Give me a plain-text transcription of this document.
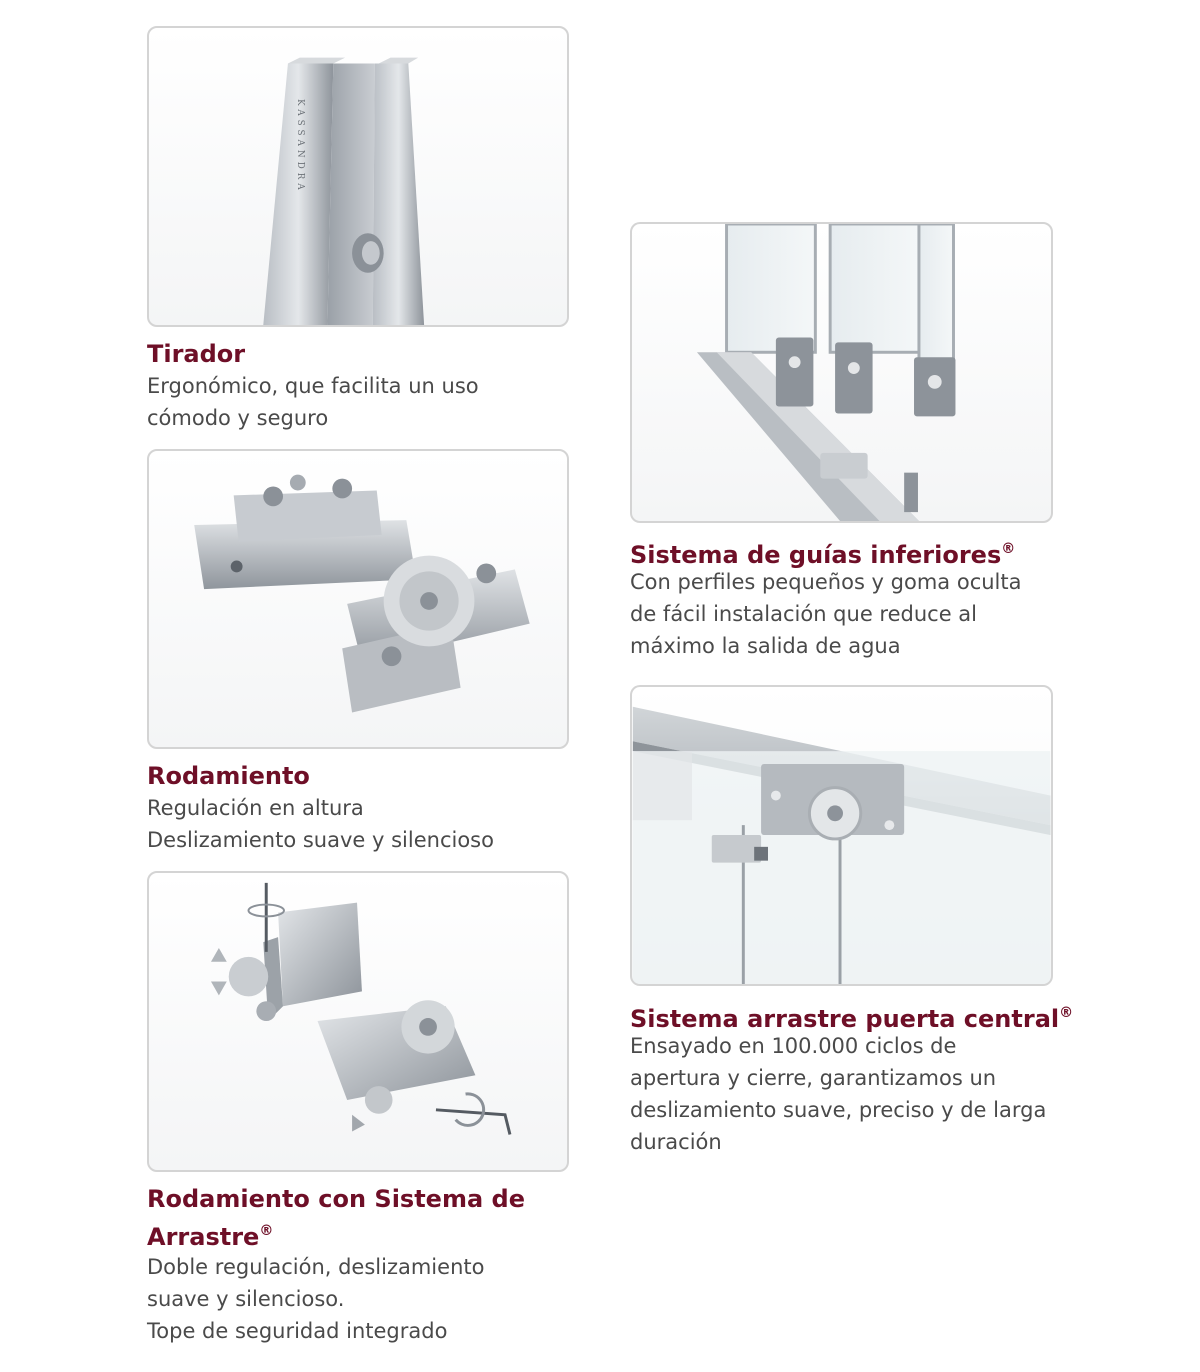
KASSANDRA
Tirador
Ergonómico, que facilita un uso
cómodo y seguro
Rodamiento
Regulación en altura
Deslizamiento suave y silencioso
Rodamiento con Sistema de
Arrastre®
Doble regulación, deslizamiento
suave y silencioso.
Tope de seguridad integrado
Sistema de guías inferiores®
Con perfiles pequeños y goma oculta
de fácil instalación que reduce al
máximo la salida de agua
Sistema arrastre puerta central®
Ensayado en 100.000 ciclos de
apertura y cierre, garantizamos un
deslizamiento suave, preciso y de larga
duración
